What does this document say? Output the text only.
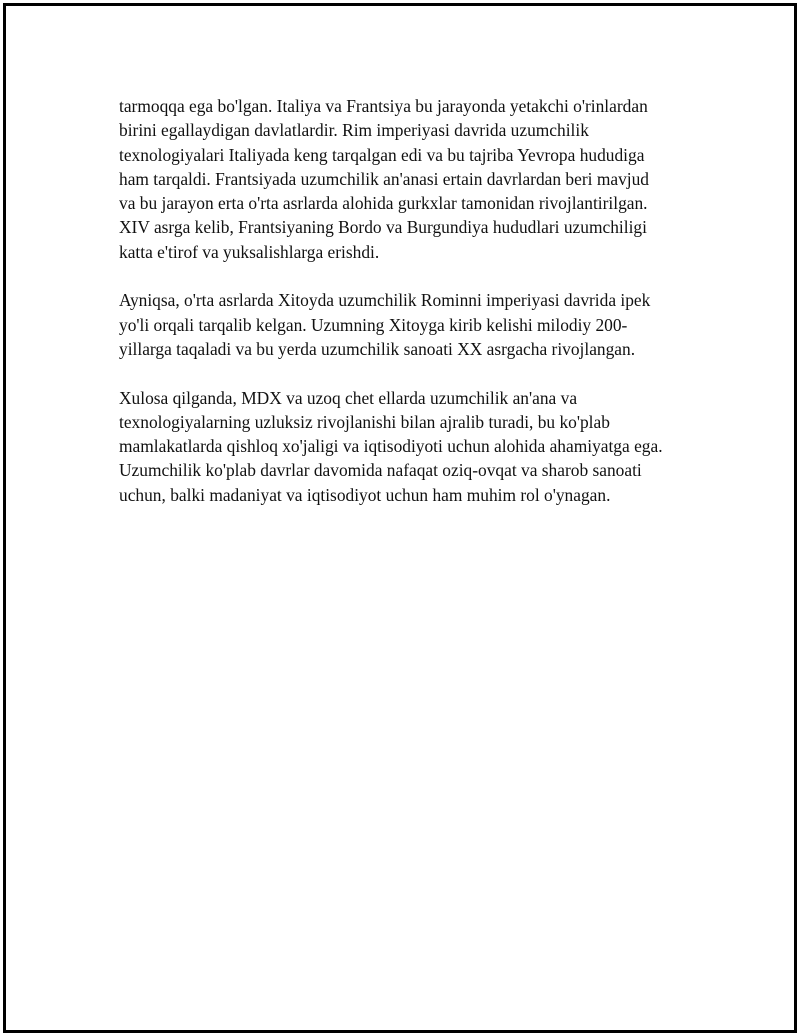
tarmoqqa ega bo'lgan. Italiya va Frantsiya bu jarayonda yetakchi o'rinlardan birini egallaydigan davlatlardir. Rim imperiyasi davrida uzumchilik texnologiyalari Italiyada keng tarqalgan edi va bu tajriba Yevropa hududiga ham tarqaldi. Frantsiyada uzumchilik an'anasi ertain davrlardan beri mavjud va bu jarayon erta o'rta asrlarda alohida gurkxlar tamonidan rivojlantirilgan. XIV asrga kelib, Frantsiyaning Bordo va Burgundiya hududlari uzumchiligi katta e'tirof va yuksalishlarga erishdi.

Ayniqsa, o'rta asrlarda Xitoyda uzumchilik Rominni imperiyasi davrida ipek yo'li orqali tarqalib kelgan. Uzumning Xitoyga kirib kelishi milodiy 200-yillarga taqaladi va bu yerda uzumchilik sanoati XX asrgacha rivojlangan.

Xulosa qilganda, MDX va uzoq chet ellarda uzumchilik an'ana va texnologiyalarning uzluksiz rivojlanishi bilan ajralib turadi, bu ko'plab mamlakatlarda qishloq xo'jaligi va iqtisodiyoti uchun alohida ahamiyatga ega. Uzumchilik ko'plab davrlar davomida nafaqat oziq-ovqat va sharob sanoati uchun, balki madaniyat va iqtisodiyot uchun ham muhim rol o'ynagan.
